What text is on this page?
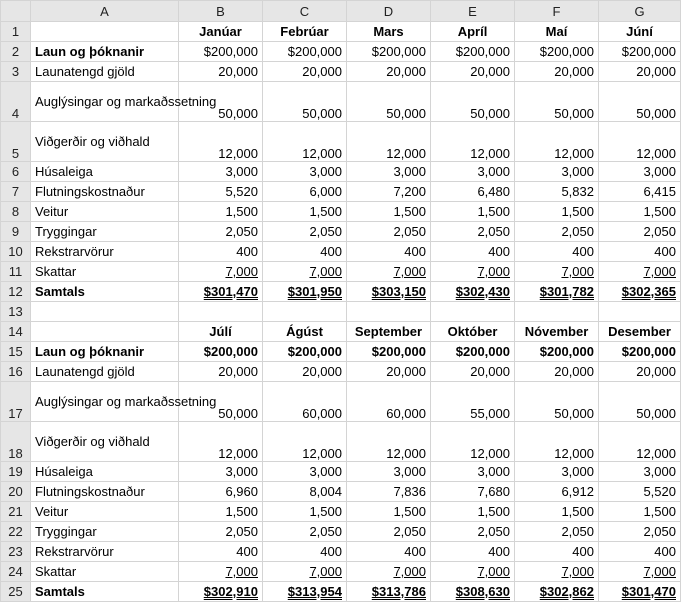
	A	B	C	D	E	F	G
1		Janúar	Febrúar	Mars	Apríl	Maí	Júní
2	Laun og þóknanir	$200,000	$200,000	$200,000	$200,000	$200,000	$200,000
3	Launatengd gjöld	20,000	20,000	20,000	20,000	20,000	20,000
4	Auglýsingar og markaðssetning	50,000	50,000	50,000	50,000	50,000	50,000
5	Viðgerðir og viðhald	12,000	12,000	12,000	12,000	12,000	12,000
6	Húsaleiga	3,000	3,000	3,000	3,000	3,000	3,000
7	Flutningskostnaður	5,520	6,000	7,200	6,480	5,832	6,415
8	Veitur	1,500	1,500	1,500	1,500	1,500	1,500
9	Tryggingar	2,050	2,050	2,050	2,050	2,050	2,050
10	Rekstrarvörur	400	400	400	400	400	400
11	Skattar	7,000	7,000	7,000	7,000	7,000	7,000
12	Samtals	$301,470	$301,950	$303,150	$302,430	$301,782	$302,365
13							
14		Júlí	Ágúst	September	Október	Nóvember	Desember
15	Laun og þóknanir	$200,000	$200,000	$200,000	$200,000	$200,000	$200,000
16	Launatengd gjöld	20,000	20,000	20,000	20,000	20,000	20,000
17	Auglýsingar og markaðssetning	50,000	60,000	60,000	55,000	50,000	50,000
18	Viðgerðir og viðhald	12,000	12,000	12,000	12,000	12,000	12,000
19	Húsaleiga	3,000	3,000	3,000	3,000	3,000	3,000
20	Flutningskostnaður	6,960	8,004	7,836	7,680	6,912	5,520
21	Veitur	1,500	1,500	1,500	1,500	1,500	1,500
22	Tryggingar	2,050	2,050	2,050	2,050	2,050	2,050
23	Rekstrarvörur	400	400	400	400	400	400
24	Skattar	7,000	7,000	7,000	7,000	7,000	7,000
25	Samtals	$302,910	$313,954	$313,786	$308,630	$302,862	$301,470
